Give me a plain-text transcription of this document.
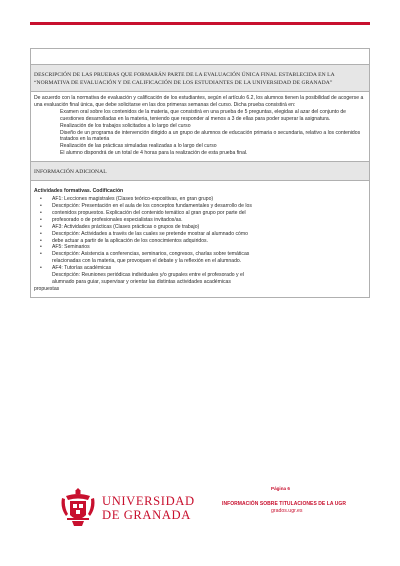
DESCRIPCIÓN DE LAS PRUEBAS QUE FORMARÁN PARTE DE LA EVALUACIÓN ÚNICA FINAL ESTABLECIDA EN LA “NORMATIVA DE EVALUACIÓN Y DE CALIFICACIÓN DE LOS ESTUDIANTES DE LA UNIVERSIDAD DE GRANADA”

De acuerdo con la normativa de evaluación y calificación de los estudiantes, según el artículo 6.2, los alumnos tienen la posibilidad de acogerse a una evaluación final única, que debe solicitarse en las dos primeras semanas del curso. Dicha prueba consistirá en:

Examen oral sobre los contenidos de la materia, que consistirá en una prueba de 5 preguntas, elegidas al azar del conjunto de cuestiones desarrolladas en la materia, teniendo que responder al menos a 3 de ellas para poder superar la asignatura.

Realización de los trabajos solicitados a lo largo del curso

Diseño de un programa de intervención dirigido a un grupo de alumnos de educación primaria o secundaria, relativo a los contenidos tratados en la materia

Realización de las prácticas simuladas realizadas a lo largo del curso

El alumno dispondrá de un total de 4 horas para la realización de esta prueba final.

INFORMACIÓN ADICIONAL

Actividades formativas. Codificación

• AF1: Lecciones magistrales (Clases teórico-expositivas, en gran grupo)
• Descripción: Presentación en el aula de los conceptos fundamentales y desarrollo de los
• contenidos propuestos. Explicación del contenido temático al gran grupo por parte del
• profesorado o de profesionales especialistas invitados/as.
• AF3: Actividades prácticas (Clases prácticas o grupos de trabajo)
• Descripción: Actividades a través de las cuales se pretende mostrar al alumnado cómo
• debe actuar a partir de la aplicación de los conocimientos adquiridos.
• AF5: Seminarios
• Descripción: Asistencia a conferencias, seminarios, congresos, charlas sobre temáticas
relacionadas con la materia, que provoquen el debate y la reflexión en el alumnado.
• AF4: Tutorías académicas
Descripción: Reuniones periódicas individuales y/o grupales entre el profesorado y el
alumnado para guiar, supervisar y orientar las distintas actividades académicas

propuestas

UNIVERSIDAD
DE GRANADA
Página 6
INFORMACIÓN SOBRE TITULACIONES DE LA UGR
grados.ugr.es
